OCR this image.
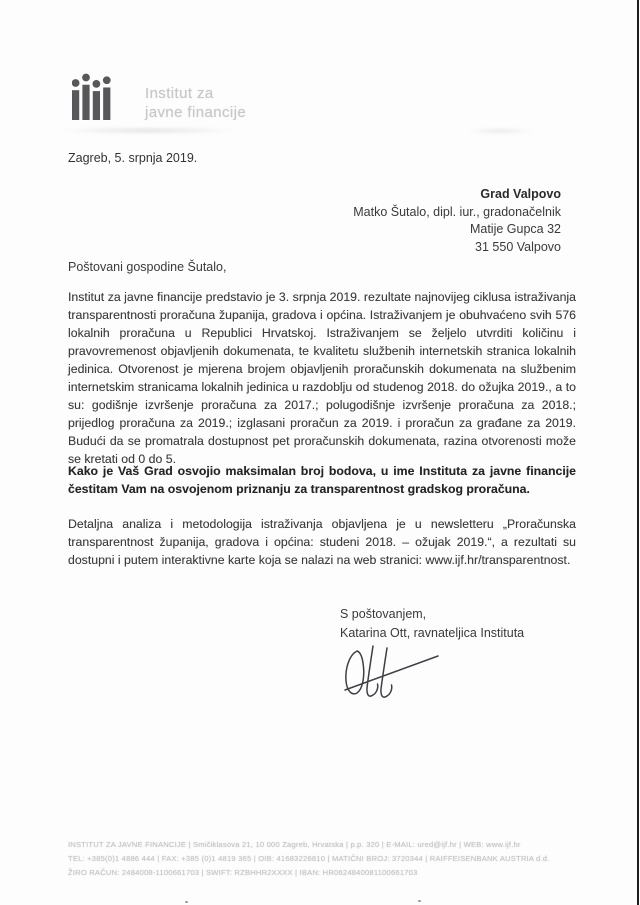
Institut za
javne financije
Zagreb, 5. srpnja 2019.
Grad Valpovo
Matko Šutalo, dipl. iur., gradonačelnik
Matije Gupca 32
31 550 Valpovo
Poštovani gospodine Šutalo,

Institut za javne financije predstavio je 3. srpnja 2019. rezultate najnovijeg ciklusa istraživanja transparentnosti proračuna županija, gradova i općina. Istraživanjem je obuhvaćeno svih 576 lokalnih proračuna u Republici Hrvatskoj. Istraživanjem se željelo utvrditi količinu i pravovremenost objavljenih dokumenata, te kvalitetu službenih internetskih stranica lokalnih jedinica. Otvorenost je mjerena brojem objavljenih proračunskih dokumenata na službenim internetskim stranicama lokalnih jedinica u razdoblju od studenog 2018. do ožujka 2019., a to su: godišnje izvršenje proračuna za 2017.; polugodišnje izvršenje proračuna za 2018.; prijedlog proračuna za 2019.; izglasani proračun za 2019. i proračun za građane za 2019. Budući da se promatrala dostupnost pet proračunskih dokumenata, razina otvorenosti može se kretati od 0 do 5.

Kako je Vaš Grad osvojio maksimalan broj bodova, u ime Instituta za javne financije čestitam Vam na osvojenom priznanju za transparentnost gradskog proračuna.

Detaljna analiza i metodologija istraživanja objavljena je u newsletteru „Proračunska transparentnost županija, gradova i općina: studeni 2018. – ožujak 2019.“, a rezultati su dostupni i putem interaktivne karte koja se nalazi na web stranici: www.ijf.hr/transparentnost.

S poštovanjem,
Katarina Ott, ravnateljica Instituta
INSTITUT ZA JAVNE FINANCIJE | Smičiklasova 21, 10 000 Zagreb, Hrvatska | p.p. 320 | E-MAIL: ured@ijf.hr | WEB: www.ijf.hr
TEL: +385(0)1 4886 444 | FAX: +385 (0)1 4819 365 | OIB: 41683226810 | MATIČNI BROJ: 3720344 | RAIFFEISENBANK AUSTRIA d.d.
ŽIRO RAČUN: 2484008-1100661703 | SWIFT: RZBHHR2XXXX | IBAN: HR0624840081100661703
